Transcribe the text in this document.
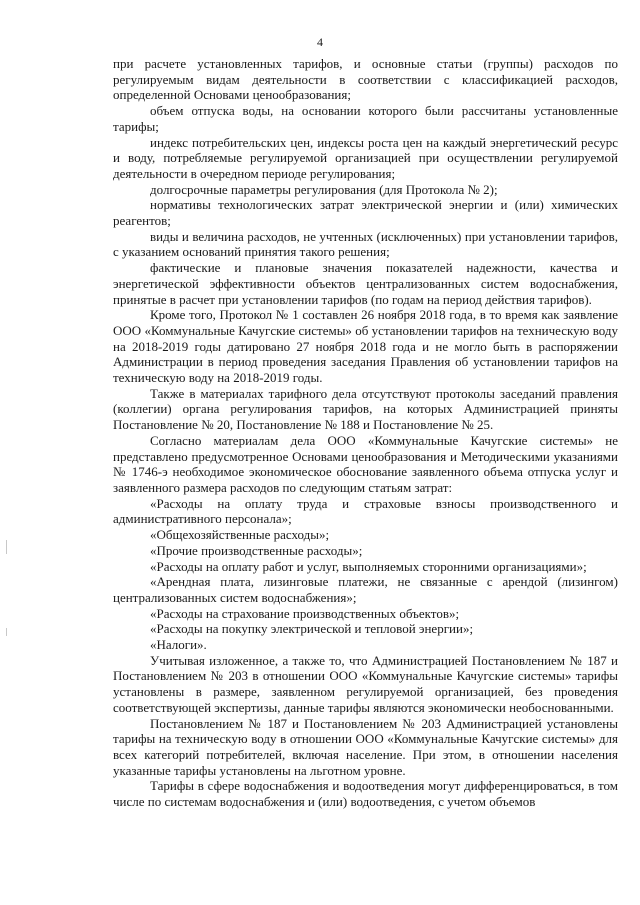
4

при расчете установленных тарифов, и основные статьи (группы) расходов по регулируемым видам деятельности в соответствии с классификацией расходов, определенной Основами ценообразования;

объем отпуска воды, на основании которого были рассчитаны установленные тарифы;

индекс потребительских цен, индексы роста цен на каждый энергетический ресурс и воду, потребляемые регулируемой организацией при осуществлении регулируемой деятельности в очередном периоде регулирования;

долгосрочные параметры регулирования (для Протокола № 2);

нормативы технологических затрат электрической энергии и (или) химических реагентов;

виды и величина расходов, не учтенных (исключенных) при установлении тарифов, с указанием оснований принятия такого решения;

фактические и плановые значения показателей надежности, качества и энергетической эффективности объектов централизованных систем водоснабжения, принятые в расчет при установлении тарифов (по годам на период действия тарифов).

Кроме того, Протокол № 1 составлен 26 ноября 2018 года, в то время как заявление ООО «Коммунальные Качугские системы» об установлении тарифов на техническую воду на 2018-2019 годы датировано 27 ноября 2018 года и не могло быть в распоряжении Администрации в период проведения заседания Правления об установлении тарифов на техническую воду на 2018-2019 годы.

Также в материалах тарифного дела отсутствуют протоколы заседаний правления (коллегии) органа регулирования тарифов, на которых Администрацией приняты Постановление № 20, Постановление № 188 и Постановление № 25.

Согласно материалам дела ООО «Коммунальные Качугские системы» не представлено предусмотренное Основами ценообразования и Методическими указаниями № 1746-э необходимое экономическое обоснование заявленного объема отпуска услуг и заявленного размера расходов по следующим статьям затрат:

«Расходы на оплату труда и страховые взносы производственного и административного персонала»;

«Общехозяйственные расходы»;

«Прочие производственные расходы»;

«Расходы на оплату работ и услуг, выполняемых сторонними организациями»;

«Арендная плата, лизинговые платежи, не связанные с арендой (лизингом) централизованных систем водоснабжения»;

«Расходы на страхование производственных объектов»;

«Расходы на покупку электрической и тепловой энергии»;

«Налоги».

Учитывая изложенное, а также то, что Администрацией Постановлением № 187 и Постановлением № 203 в отношении ООО «Коммунальные Качугские системы» тарифы установлены в размере, заявленном регулируемой организацией, без проведения соответствующей экспертизы, данные тарифы являются экономически необоснованными.

Постановлением № 187 и Постановлением № 203 Администрацией установлены тарифы на техническую воду в отношении ООО «Коммунальные Качугские системы» для всех категорий потребителей, включая население. При этом, в отношении населения указанные тарифы установлены на льготном уровне.

Тарифы в сфере водоснабжения и водоотведения могут дифференцироваться, в том числе по системам водоснабжения и (или) водоотведения, с учетом объемов
